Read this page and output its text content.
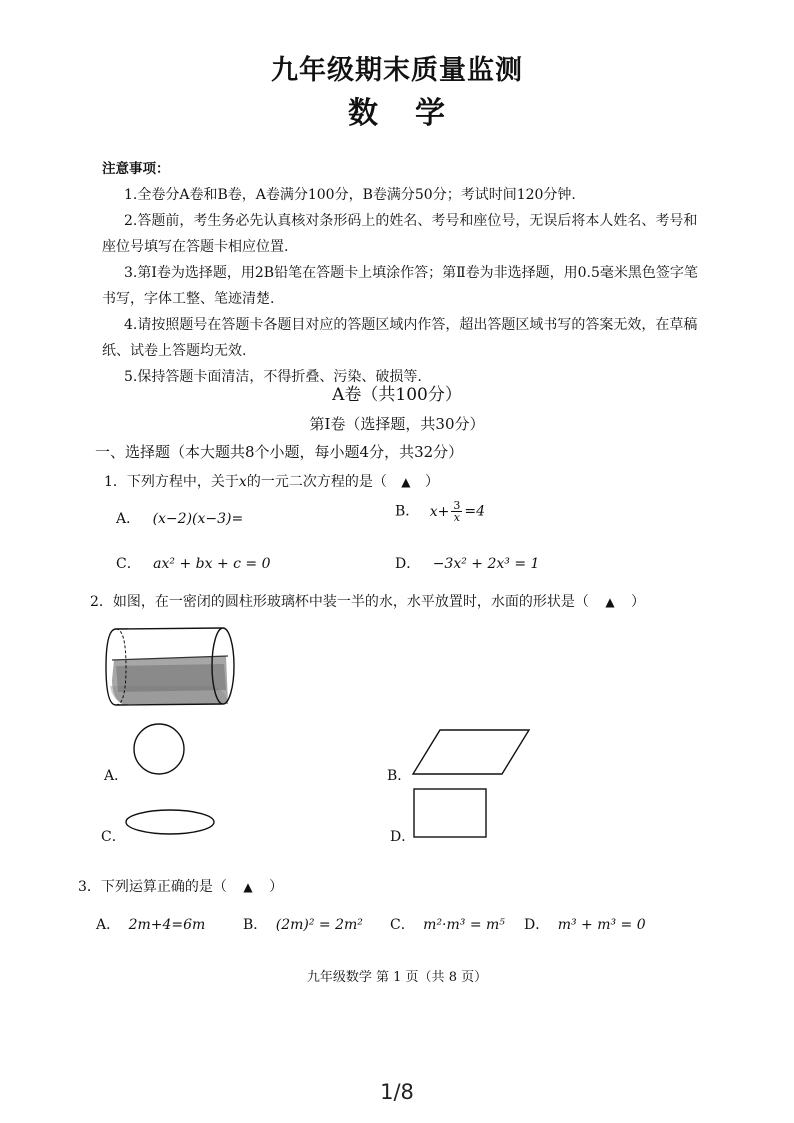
九年级期末质量监测
数 学

注意事项：

1.全卷分A卷和B卷，A卷满分100分，B卷满分50分；考试时间120分钟.

2.答题前，考生务必先认真核对条形码上的姓名、考号和座位号，无误后将本人姓名、考号和座位号填写在答题卡相应位置.

3.第Ⅰ卷为选择题，用2B铅笔在答题卡上填涂作答；第Ⅱ卷为非选择题，用0.5毫米黑色签字笔书写，字体工整、笔迹清楚.

4.请按照题号在答题卡各题目对应的答题区域内作答，超出答题区域书写的答案无效，在草稿纸、试卷上答题均无效.

5.保持答题卡面清洁，不得折叠、污染、破损等.

A卷（共100分）
第Ⅰ卷（选择题，共30分）
一、选择题（本大题共8个小题，每小题4分，共32分）
1．下列方程中，关于x的一元二次方程的是（ ▲ ）
A． (x−2)(x−3)=	B． $x+ \frac{3}{x} =4$
C． ax² + bx + c = 0	D． −3x² + 2x³ = 1
2．如图，在一密闭的圆柱形玻璃杯中装一半的水，水平放置时，水面的形状是（ ▲ ）
A．	B．
C．	D．
3．下列运算正确的是（ ▲ ）
A． 2m+4=6m	B． (2m)² = 2m² C． m²·m³ = m⁵ D． m³ + m³ = 0
九年级数学 第 1 页（共 8 页）
1/8
